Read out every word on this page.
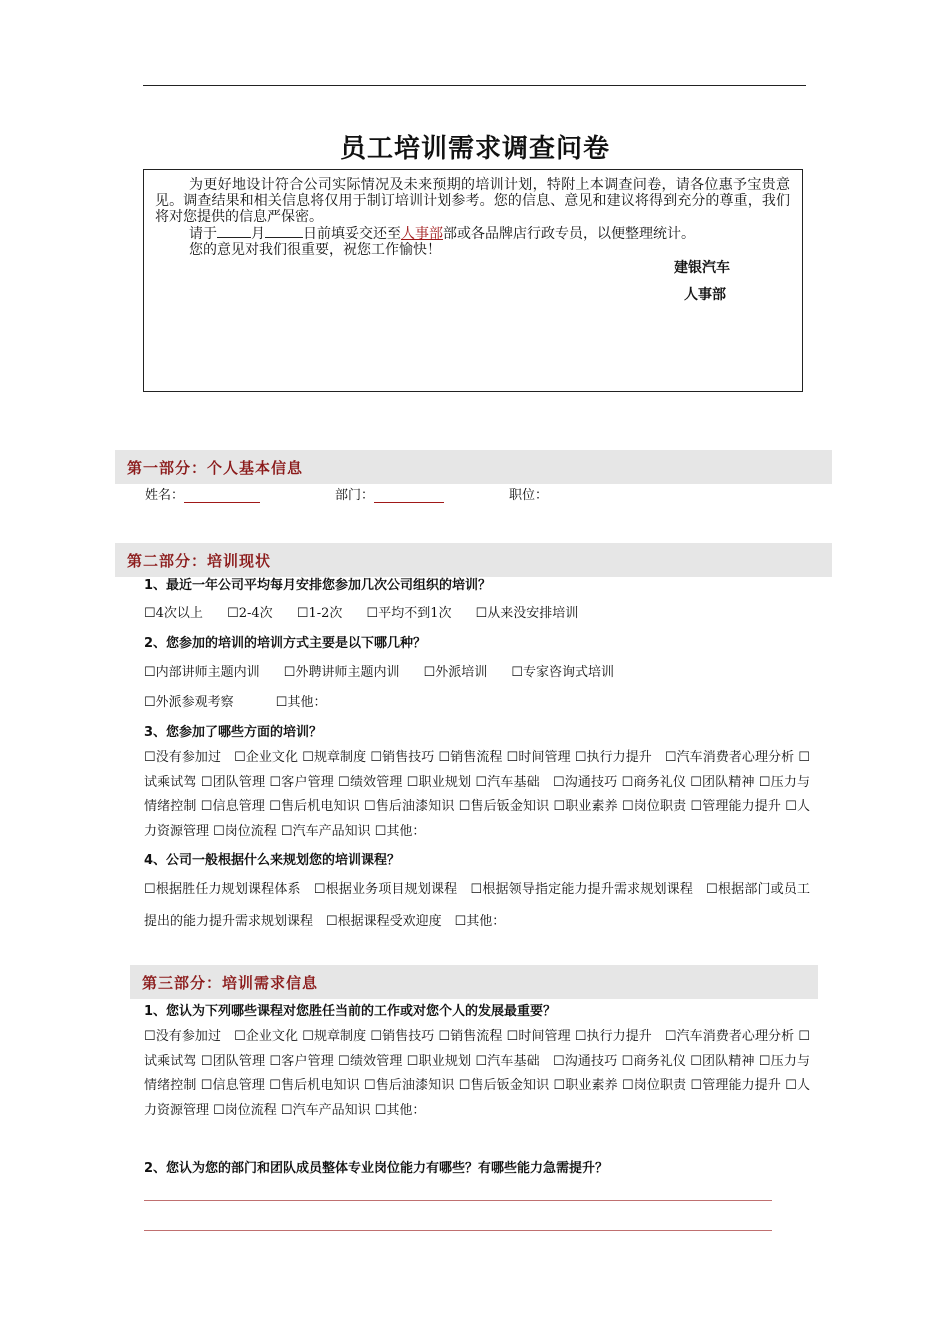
员工培训需求调查问卷
为更好地设计符合公司实际情况及未来预期的培训计划，特附上本调查问卷，请各位惠予宝贵意见。调查结果和相关信息将仅用于制订培训计划参考。您的信息、意见和建议将得到充分的尊重，我们将对您提供的信息严保密。
请于 月	日前填妥交还至人事部部或各品牌店行政专员，以便整理统计。
您的意见对我们很重要，祝您工作愉快！
建银汽车
人事部
第一部分：个人基本信息
姓名：	部门：	职位：
1、最近一年公司平均每月安排您参加几次公司组织的培训？
第二部分：培训现状
☐4次以上 ☐2-4次 ☐1-2次 ☐平均不到1次 ☐从来没安排培训
2、您参加的培训的培训方式主要是以下哪几种？
☐内部讲师主题内训 ☐外聘讲师主题内训 ☐外派培训 ☐专家咨询式培训
☐外派参观考察	☐其他：
3、您参加了哪些方面的培训？
☐没有参加过　☐企业文化 ☐规章制度 ☐销售技巧 ☐销售流程 ☐时间管理 ☐执行力提升　☐汽车消费者心理分析 ☐试乘试驾 ☐团队管理 ☐客户管理 ☐绩效管理 ☐职业规划 ☐汽车基础　☐沟通技巧 ☐商务礼仪 ☐团队精神 ☐压力与情绪控制 ☐信息管理 ☐售后机电知识 ☐售后油漆知识 ☐售后钣金知识 ☐职业素养 ☐岗位职责 ☐管理能力提升 ☐人力资源管理 ☐岗位流程 ☐汽车产品知识 ☐其他：
4、公司一般根据什么来规划您的培训课程？
☐根据胜任力规划课程体系　☐根据业务项目规划课程　☐根据领导指定能力提升需求规划课程　☐根据部门或员工提出的能力提升需求规划课程　☐根据课程受欢迎度　☐其他：
第三部分：培训需求信息
1、您认为下列哪些课程对您胜任当前的工作或对您个人的发展最重要？
☐没有参加过　☐企业文化 ☐规章制度 ☐销售技巧 ☐销售流程 ☐时间管理 ☐执行力提升　☐汽车消费者心理分析 ☐试乘试驾 ☐团队管理 ☐客户管理 ☐绩效管理 ☐职业规划 ☐汽车基础　☐沟通技巧 ☐商务礼仪 ☐团队精神 ☐压力与情绪控制 ☐信息管理 ☐售后机电知识 ☐售后油漆知识 ☐售后钣金知识 ☐职业素养 ☐岗位职责 ☐管理能力提升 ☐人力资源管理 ☐岗位流程 ☐汽车产品知识 ☐其他：
2、您认为您的部门和团队成员整体专业岗位能力有哪些？有哪些能力急需提升？
